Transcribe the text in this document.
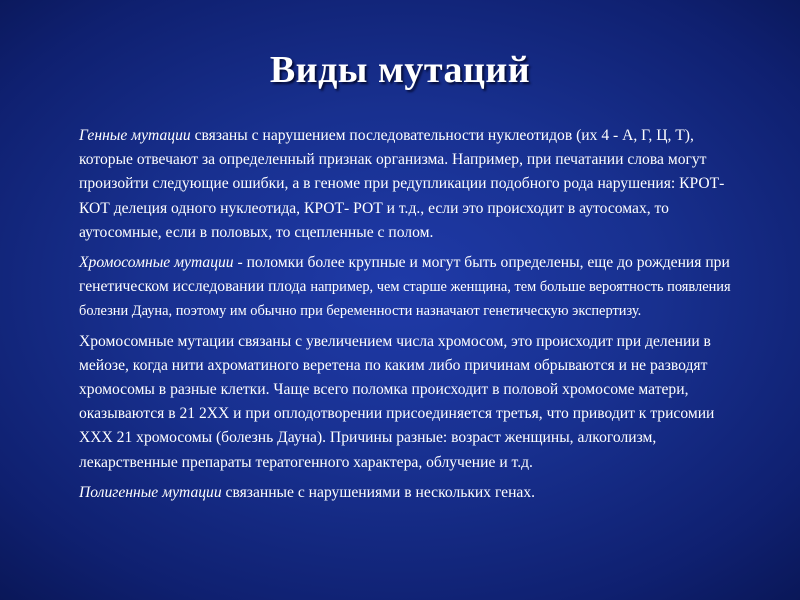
Виды мутаций

Генные мутации связаны с нарушением последовательности нуклеотидов (их 4 - А, Г, Ц, Т), которые отвечают за определенный признак организма. Например, при печатании слова могут произойти следующие ошибки, а в геноме при редупликации подобного рода нарушения: КРОТ- КОТ делеция одного нуклеотида, КРОТ- РОТ и т.д., если это происходит в аутосомах, то аутосомные, если в половых, то сцепленные с полом.

Хромосомные мутации - поломки более крупные и могут быть определены, еще до рождения при генетическом исследовании плода например, чем старше женщина, тем больше вероятность появления болезни Дауна, поэтому им обычно при беременности назначают генетическую экспертизу.

Хромосомные мутации связаны с увеличением числа хромосом, это происходит при делении в мейозе, когда нити ахроматиного веретена по каким либо причинам обрываются и не разводят хромосомы в разные клетки. Чаще всего поломка происходит в половой хромосоме матери, оказываются в 21 2ХХ и при оплодотворении присоединяется третья, что приводит к трисомии ХХХ 21 хромосомы (болезнь Дауна). Причины разные: возраст женщины, алкоголизм, лекарственные препараты тератогенного характера, облучение и т.д.

Полигенные мутации связанные с нарушениями в нескольких генах.
